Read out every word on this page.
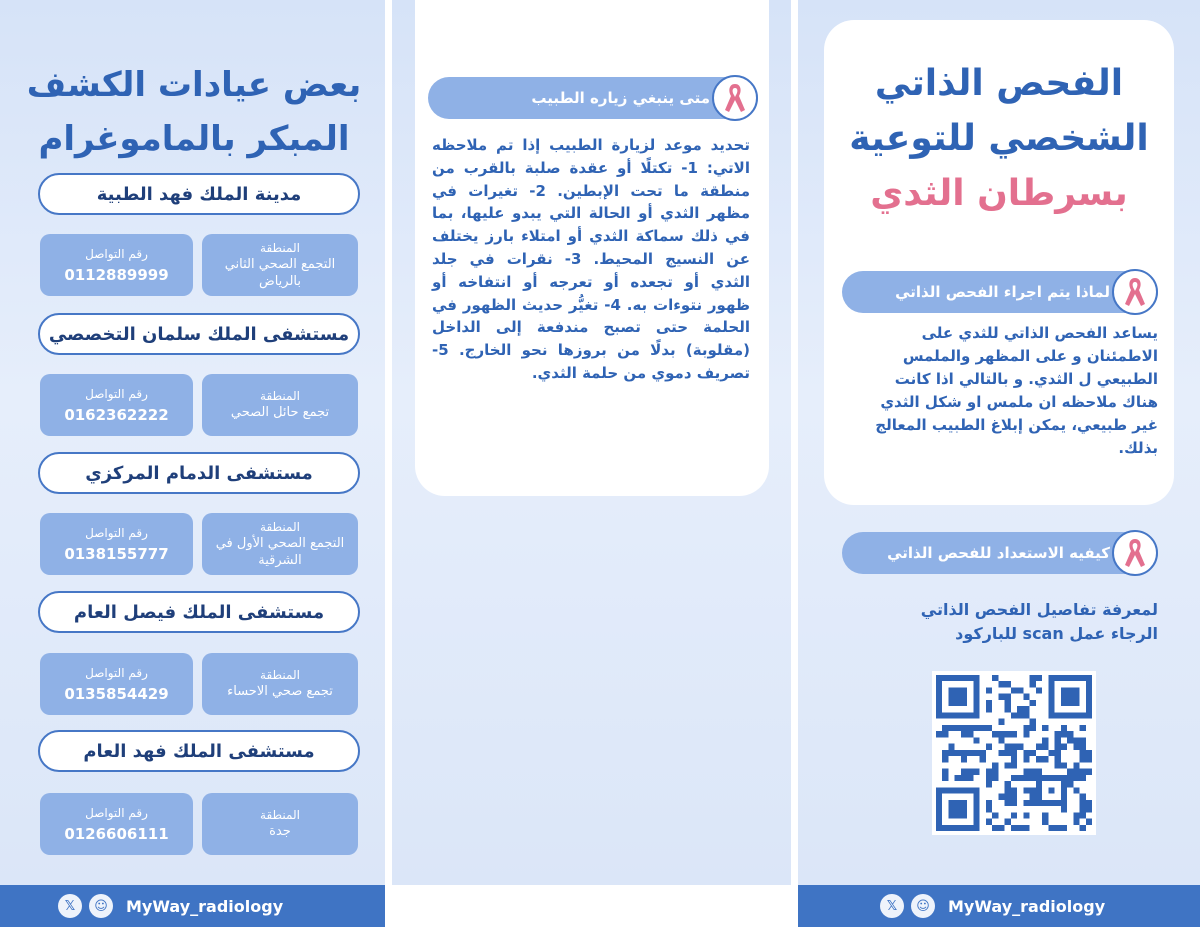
بعض عيادات الكشف
المبكر بالماموغرام
مدينة الملك فهد الطبية
المنطقة
التجمع الصحي الثاني بالرياض
رقم التواصل
0112889999
مستشفى الملك سلمان التخصصي
المنطقة
تجمع حائل الصحي
رقم التواصل
0162362222
مستشفى الدمام المركزي
المنطقة
التجمع الصحي الأول في الشرقية
رقم التواصل
0138155777
مستشفى الملك فيصل العام
المنطقة
تجمع صحي الاحساء
رقم التواصل
0135854429
مستشفى الملك فهد العام
المنطقة
جدة
رقم التواصل
0126606111
متى ينبغي زياره الطبيب
تحديد موعد لزيارة الطبيب إذا تم ملاحظه الاتي: 1- تكتلًا أو عقدة صلبة بالقرب من منطقة ما تحت الإبطين. 2- تغيرات في مظهر الثدي أو الحالة التي يبدو عليها، بما في ذلك سماكة الثدي أو امتلاء بارز يختلف عن النسيج المحيط. 3- نقرات في جلد الثدي أو تجعده أو تعرجه أو انتفاخه أو ظهور نتوءات به. 4- تغيُّر حديث الظهور في الحلمة حتى تصبح مندفعة إلى الداخل (مقلوبة) بدلًا من بروزها نحو الخارج. 5- تصريف دموي من حلمة الثدي.
الفحص الذاتي
الشخصي للتوعية
بسرطان الثدي
لماذا يتم اجراء الفحص الذاتي
يساعد الفحص الذاتي للثدي على الاطمئنان و على المظهر والملمس الطبيعي ل الثدي. و بالتالي اذا كانت هناك ملاحظه ان ملمس او شكل الثدي غير طبيعي، يمكن إبلاغ الطبيب المعالج بذلك.
كيفيه الاستعداد للفحص الذاتي
لمعرفة تفاصيل الفحص الذاتي
الرجاء عمل scan للباركود
𝕏	☺	MyWay_radiology	𝕏	☺	MyWay_radiology
